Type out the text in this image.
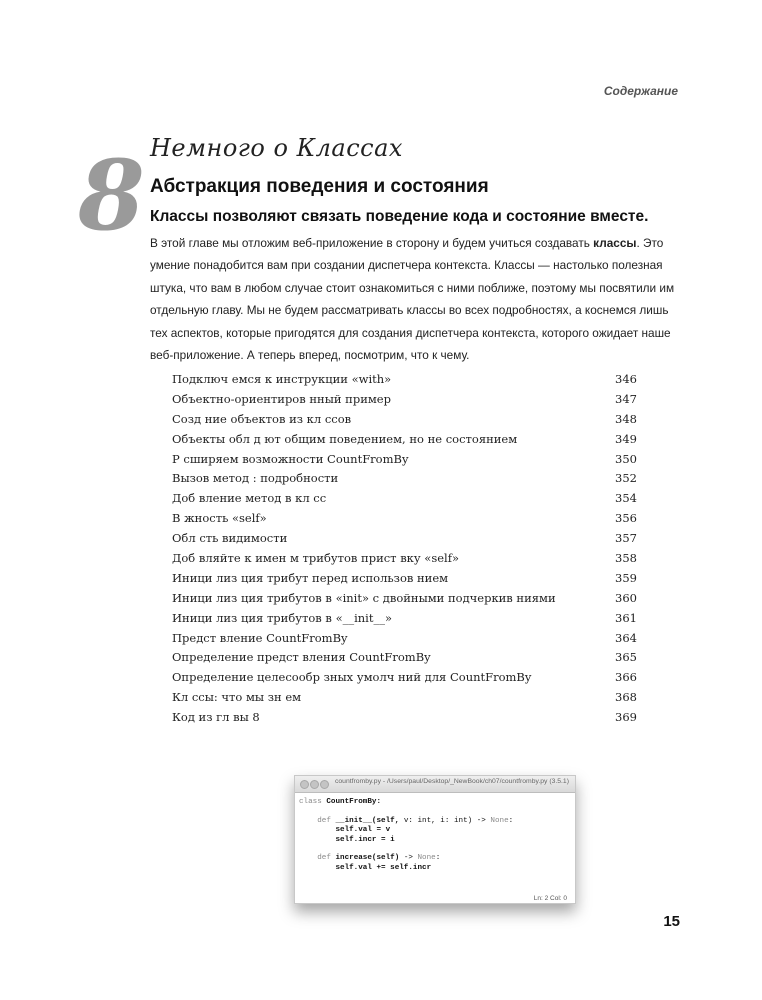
Содержание
8 Немного о Классах
Абстракция поведения и состояния
Классы позволяют связать поведение кода и состояние вместе.
В этой главе мы отложим веб-приложение в сторону и будем учиться создавать классы. Это умение понадобится вам при создании диспетчера контекста. Классы — настолько полезная штука, что вам в любом случае стоит ознакомиться с ними поближе, поэтому мы посвятили им отдельную главу. Мы не будем рассматривать классы во всех подробностях, а коснемся лишь тех аспектов, которые пригодятся для создания диспетчера контекста, которого ожидает наше веб-приложение. А теперь вперед, посмотрим, что к чему.
Подключ емся к инструкции «with»	346
Объектно-ориентиров нный пример	347
Созд ние объектов из кл ссов	348
Объекты обл д ют общим поведением, но не состоянием	349
Р сширяем возможности CountFromBy	350
Вызов метод : подробности	352
Доб вление метод в кл сс	354
В жность «self»	356
Обл сть видимости	357
Доб вляйте к имен м трибутов прист вку «self»	358
Иници лиз ция трибут перед использов нием	359
Иници лиз ция трибутов в «init» с двойными подчеркив ниями	360
Иници лиз ция трибутов в «__init__»	361
Предст вление CountFromBy	364
Определение предст вления CountFromBy	365
Определение целесообр зных умолч ний для CountFromBy	366
Кл ссы: что мы зн ем	368
Код из гл вы 8	369
countfromby.py - /Users/paul/Desktop/_NewBook/ch07/countfromby.py (3.5.1)
class CountFromBy:
def __init__(self, v: int, i: int) -> None:
self.val = v
self.incr = i
def increase(self) -> None:
self.val += self.incr
Ln: 2 Col: 0
15
